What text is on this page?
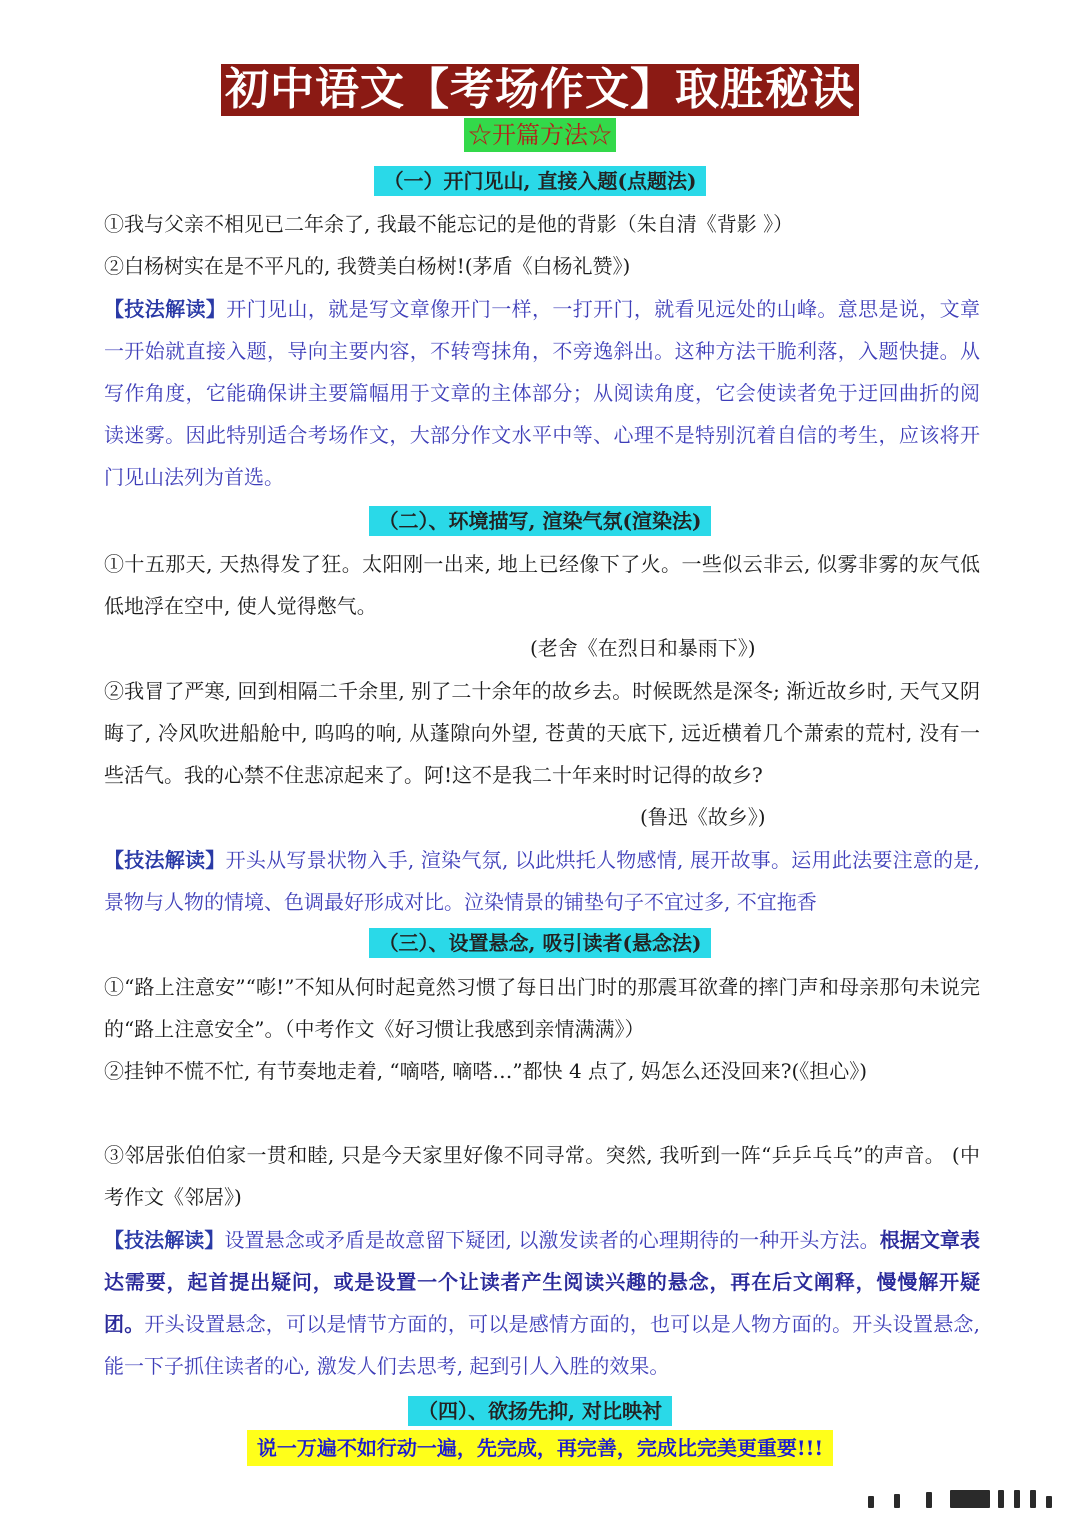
初中语文【考场作文】取胜秘诀
☆开篇方法☆
（一）开门见山, 直接入题(点题法)

①我与父亲不相见已二年余了, 我最不能忘记的是他的背影（朱自清《背影 》）

②白杨树实在是不平凡的, 我赞美白杨树!(茅盾《白杨礼赞》)

【技法解读】开门见山，就是写文章像开门一样，一打开门，就看见远处的山峰。意思是说，文章一开始就直接入题，导向主要内容，不转弯抹角，不旁逸斜出。这种方法干脆利落，入题快捷。从写作角度，它能确保讲主要篇幅用于文章的主体部分；从阅读角度，它会使读者免于迂回曲折的阅读迷雾。因此特别适合考场作文，大部分作文水平中等、心理不是特别沉着自信的考生，应该将开门见山法列为首选。

（二）、环境描写, 渲染气氛(渲染法)

①十五那天, 天热得发了狂。太阳刚一出来, 地上已经像下了火。一些似云非云, 似雾非雾的灰气低低地浮在空中, 使人觉得憋气。

(老舍《在烈日和暴雨下》)

②我冒了严寒, 回到相隔二千余里, 别了二十余年的故乡去。时候既然是深冬; 渐近故乡时, 天气又阴晦了, 冷风吹进船舱中, 呜呜的响, 从蓬隙向外望, 苍黄的天底下, 远近横着几个萧索的荒村, 没有一些活气。我的心禁不住悲凉起来了。阿!这不是我二十年来时时记得的故乡?

(鲁迅《故乡》)

【技法解读】开头从写景状物入手, 渲染气氛, 以此烘托人物感情, 展开故事。运用此法要注意的是, 景物与人物的情境、色调最好形成对比。泣染情景的铺垫句子不宜过多, 不宜拖香

（三）、设置悬念, 吸引读者(悬念法)

①“路上注意安”“嘭!”不知从何时起竟然习惯了每日出门时的那震耳欲聋的摔门声和母亲那句未说完的“路上注意安全”。（中考作文《好习惯让我感到亲情满满》）

②挂钟不慌不忙, 有节奏地走着, “嘀嗒, 嘀嗒…”都快 4 点了, 妈怎么还没回来?(《担心》)

③邻居张伯伯家一贯和睦, 只是今天家里好像不同寻常。突然, 我听到一阵“乒乒乓乓”的声音。 (中考作文《邻居》)

【技法解读】设置悬念或矛盾是故意留下疑团, 以激发读者的心理期待的一种开头方法。根据文章表达需要，起首提出疑问，或是设置一个让读者产生阅读兴趣的悬念，再在后文阐释，慢慢解开疑团。开头设置悬念，可以是情节方面的，可以是感情方面的，也可以是人物方面的。开头设置悬念, 能一下子抓住读者的心, 激发人们去思考, 起到引人入胜的效果。

（四）、欲扬先抑, 对比映衬
说一万遍不如行动一遍，先完成，再完善，完成比完美更重要!!!
